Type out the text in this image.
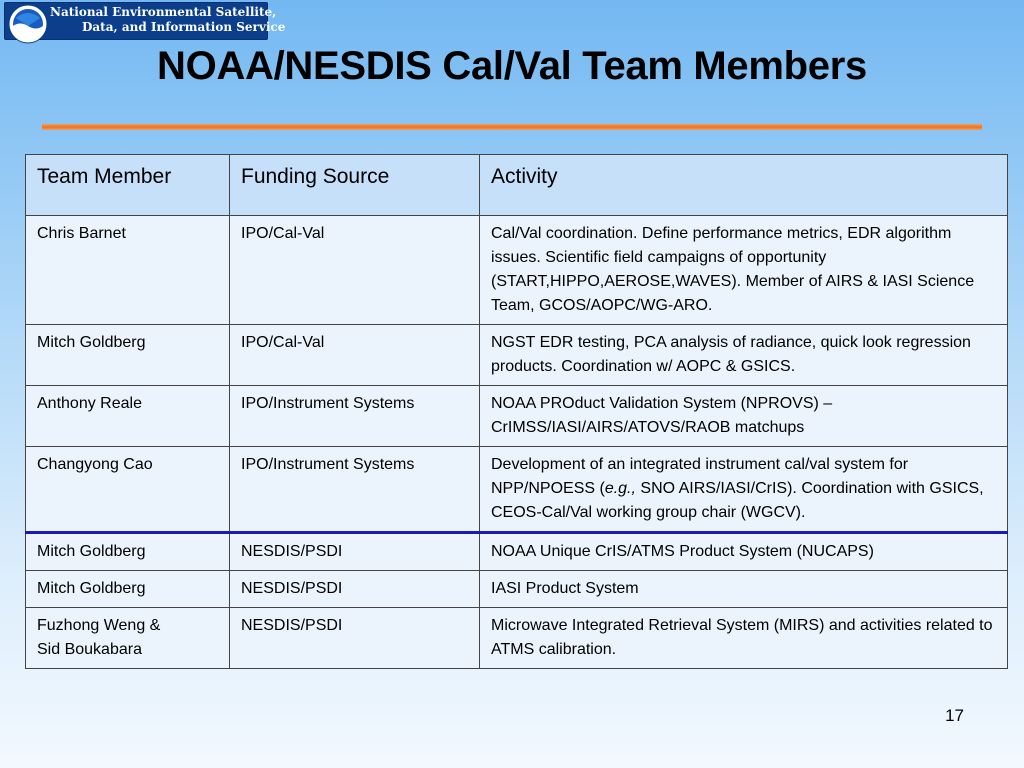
National Environmental Satellite,
Data, and Information Service
NOAA/NESDIS Cal/Val Team Members
Team Member	Funding Source	Activity
Chris Barnet	IPO/Cal-Val	Cal/Val coordination. Define performance metrics, EDR algorithm issues. Scientific field campaigns of opportunity (START,HIPPO,AEROSE,WAVES). Member of AIRS & IASI Science Team, GCOS/AOPC/WG-ARO.
Mitch Goldberg	IPO/Cal-Val	NGST EDR testing, PCA analysis of radiance, quick look regression products. Coordination w/ AOPC & GSICS.
Anthony Reale	IPO/Instrument Systems	NOAA PROduct Validation System (NPROVS) – CrIMSS/IASI/AIRS/ATOVS/RAOB matchups
Changyong Cao	IPO/Instrument Systems	Development of an integrated instrument cal/val system for NPP/NPOESS (e.g., SNO AIRS/IASI/CrIS). Coordination with GSICS, CEOS-Cal/Val working group chair (WGCV).
Mitch Goldberg	NESDIS/PSDI	NOAA Unique CrIS/ATMS Product System (NUCAPS)
Mitch Goldberg	NESDIS/PSDI	IASI Product System
Fuzhong Weng &
Sid Boukabara	NESDIS/PSDI	Microwave Integrated Retrieval System (MIRS) and activities related to ATMS calibration.
17
